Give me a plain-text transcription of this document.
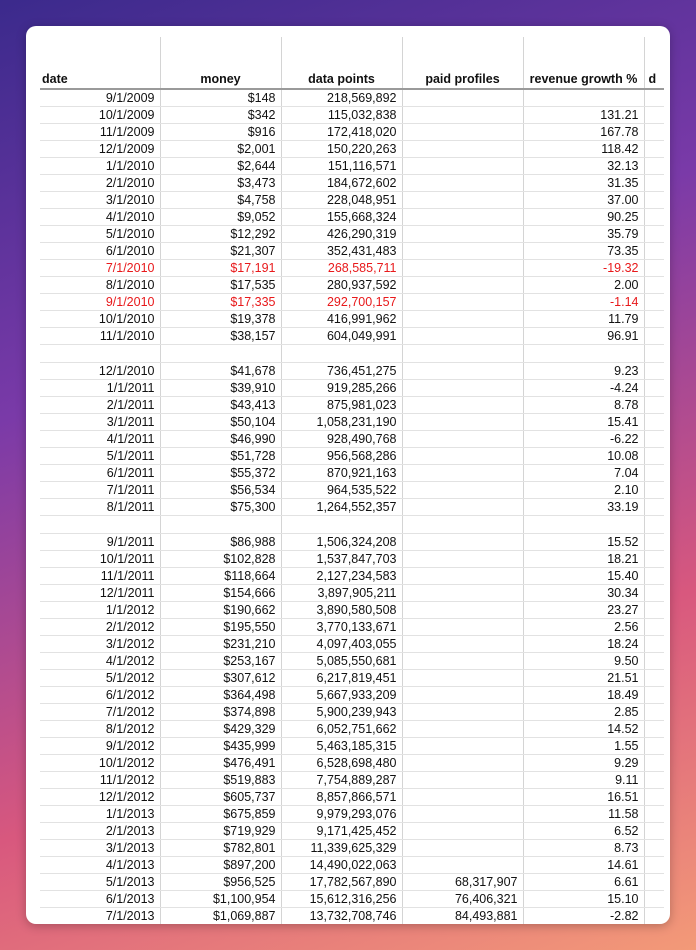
date	money	data points	paid profiles	revenue growth %	d
9/1/2009	$148	218,569,892			
10/1/2009	$342	115,032,838		131.21	
11/1/2009	$916	172,418,020		167.78	
12/1/2009	$2,001	150,220,263		118.42	
1/1/2010	$2,644	151,116,571		32.13	
2/1/2010	$3,473	184,672,602		31.35	
3/1/2010	$4,758	228,048,951		37.00	
4/1/2010	$9,052	155,668,324		90.25	
5/1/2010	$12,292	426,290,319		35.79	
6/1/2010	$21,307	352,431,483		73.35	
7/1/2010	$17,191	268,585,711		-19.32	
8/1/2010	$17,535	280,937,592		2.00	
9/1/2010	$17,335	292,700,157		-1.14	
10/1/2010	$19,378	416,991,962		11.79	
11/1/2010	$38,157	604,049,991		96.91	

12/1/2010	$41,678	736,451,275		9.23	
1/1/2011	$39,910	919,285,266		-4.24	
2/1/2011	$43,413	875,981,023		8.78	
3/1/2011	$50,104	1,058,231,190		15.41	
4/1/2011	$46,990	928,490,768		-6.22	
5/1/2011	$51,728	956,568,286		10.08	
6/1/2011	$55,372	870,921,163		7.04	
7/1/2011	$56,534	964,535,522		2.10	
8/1/2011	$75,300	1,264,552,357		33.19	

9/1/2011	$86,988	1,506,324,208		15.52	
10/1/2011	$102,828	1,537,847,703		18.21	
11/1/2011	$118,664	2,127,234,583		15.40	
12/1/2011	$154,666	3,897,905,211		30.34	
1/1/2012	$190,662	3,890,580,508		23.27	
2/1/2012	$195,550	3,770,133,671		2.56	
3/1/2012	$231,210	4,097,403,055		18.24	
4/1/2012	$253,167	5,085,550,681		9.50	
5/1/2012	$307,612	6,217,819,451		21.51	
6/1/2012	$364,498	5,667,933,209		18.49	
7/1/2012	$374,898	5,900,239,943		2.85	
8/1/2012	$429,329	6,052,751,662		14.52	
9/1/2012	$435,999	5,463,185,315		1.55	
10/1/2012	$476,491	6,528,698,480		9.29	
11/1/2012	$519,883	7,754,889,287		9.11	
12/1/2012	$605,737	8,857,866,571		16.51	
1/1/2013	$675,859	9,979,293,076		11.58	
2/1/2013	$719,929	9,171,425,452		6.52	
3/1/2013	$782,801	11,339,625,329		8.73	
4/1/2013	$897,200	14,490,022,063		14.61	
5/1/2013	$956,525	17,782,567,890	68,317,907	6.61	
6/1/2013	$1,100,954	15,612,316,256	76,406,321	15.10	
7/1/2013	$1,069,887	13,732,708,746	84,493,881	-2.82	
